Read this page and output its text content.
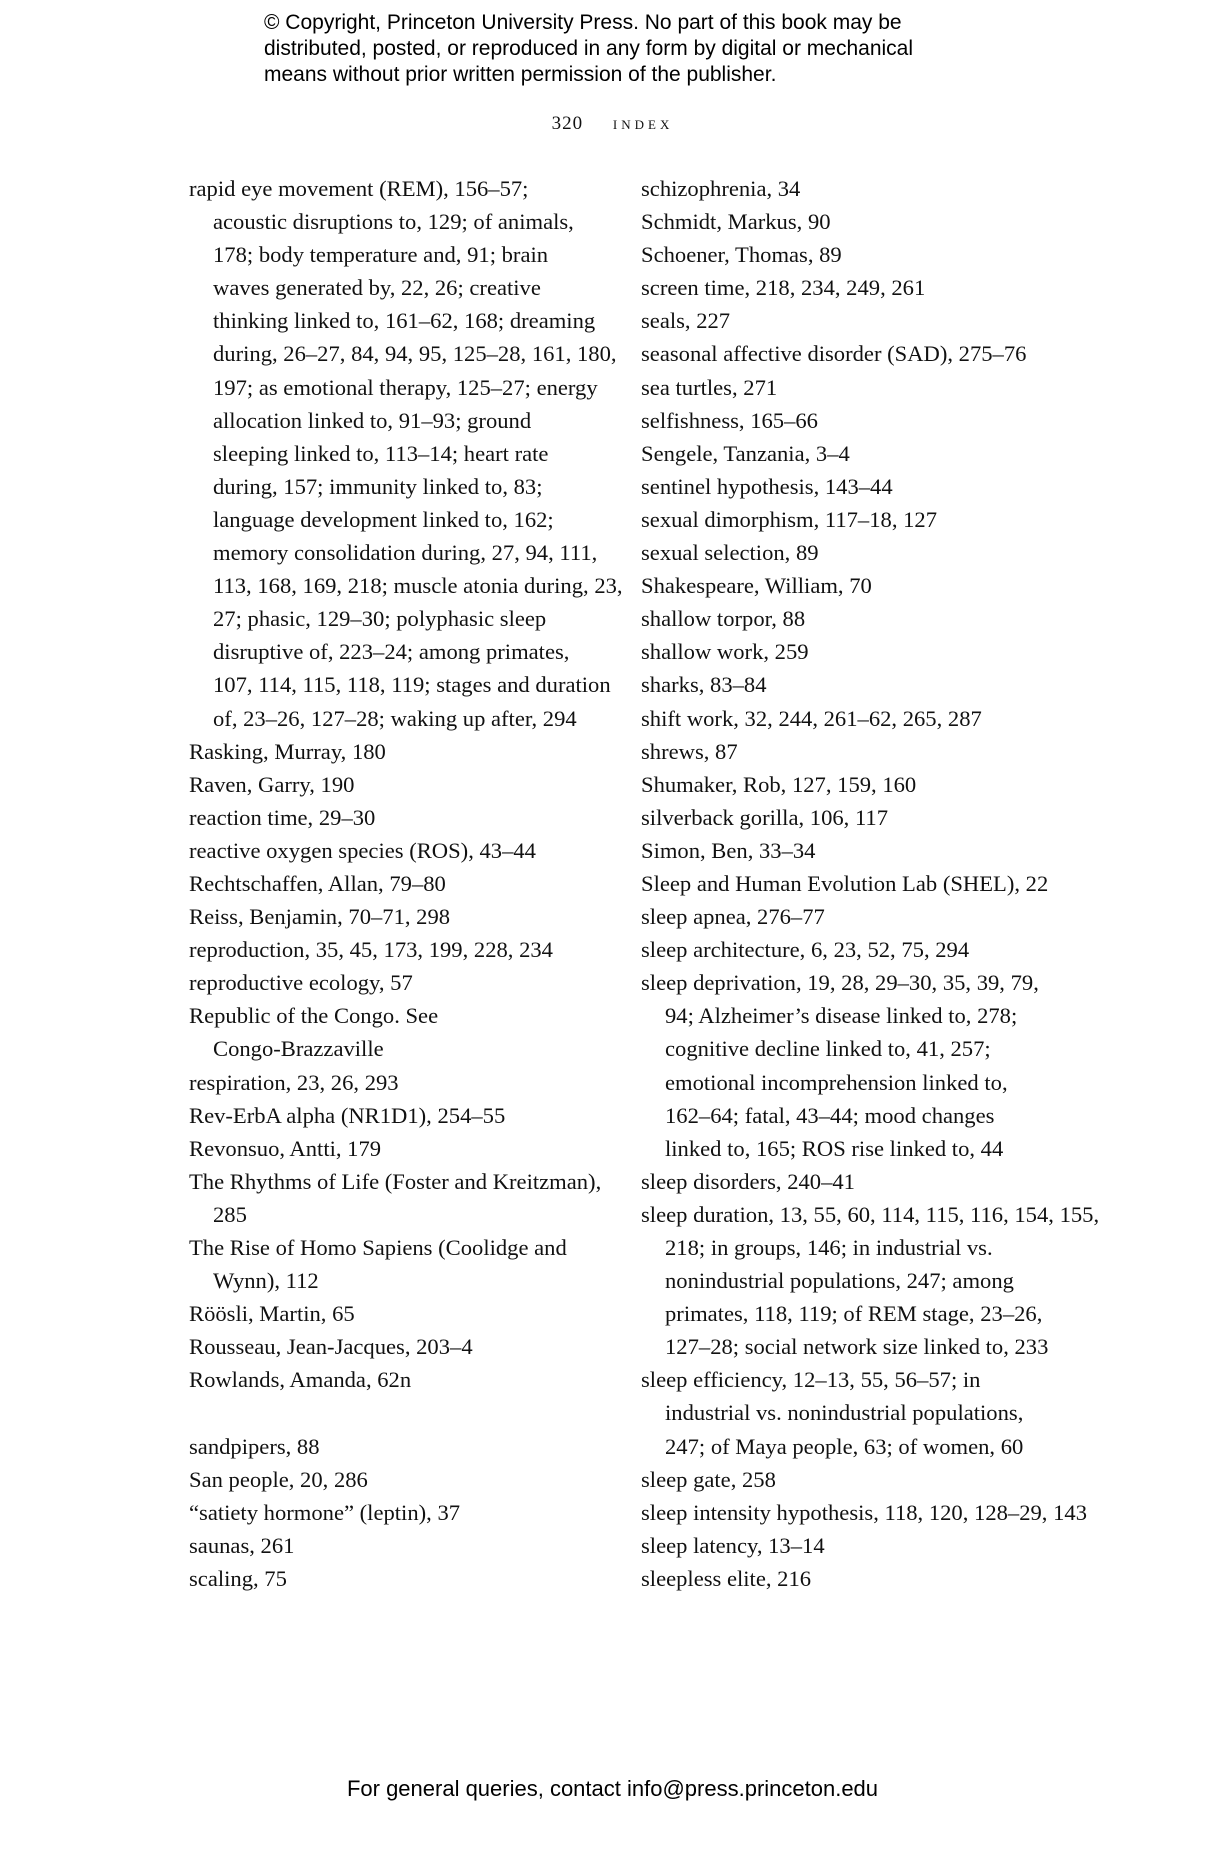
© Copyright, Princeton University Press. No part of this book may be
distributed, posted, or reproduced in any form by digital or mechanical
means without prior written permission of the publisher.
320 index
rapid eye movement (REM), 156–57;
acoustic disruptions to, 129; of animals,
178; body temperature and, 91; brain
waves generated by, 22, 26; creative
thinking linked to, 161–62, 168; dreaming
during, 26–27, 84, 94, 95, 125–28, 161, 180,
197; as emotional therapy, 125–27; energy
allocation linked to, 91–93; ground
sleeping linked to, 113–14; heart rate
during, 157; immunity linked to, 83;
language development linked to, 162;
memory consolidation during, 27, 94, 111,
113, 168, 169, 218; muscle atonia during, 23,
27; phasic, 129–30; polyphasic sleep
disruptive of, 223–24; among primates,
107, 114, 115, 118, 119; stages and duration
of, 23–26, 127–28; waking up after, 294
Rasking, Murray, 180
Raven, Garry, 190
reaction time, 29–30
reactive oxygen species (ROS), 43–44
Rechtschaffen, Allan, 79–80
Reiss, Benjamin, 70–71, 298
reproduction, 35, 45, 173, 199, 228, 234
reproductive ecology, 57
Republic of the Congo. See
Congo-Brazzaville
respiration, 23, 26, 293
Rev-ErbA alpha (NR1D1), 254–55
Revonsuo, Antti, 179
The Rhythms of Life (Foster and Kreitzman),
285
The Rise of Homo Sapiens (Coolidge and
Wynn), 112
Röösli, Martin, 65
Rousseau, Jean-Jacques, 203–4
Rowlands, Amanda, 62n
sandpipers, 88
San people, 20, 286
“satiety hormone” (leptin), 37
saunas, 261
scaling, 75
schizophrenia, 34
Schmidt, Markus, 90
Schoener, Thomas, 89
screen time, 218, 234, 249, 261
seals, 227
seasonal affective disorder (SAD), 275–76
sea turtles, 271
selfishness, 165–66
Sengele, Tanzania, 3–4
sentinel hypothesis, 143–44
sexual dimorphism, 117–18, 127
sexual selection, 89
Shakespeare, William, 70
shallow torpor, 88
shallow work, 259
sharks, 83–84
shift work, 32, 244, 261–62, 265, 287
shrews, 87
Shumaker, Rob, 127, 159, 160
silverback gorilla, 106, 117
Simon, Ben, 33–34
Sleep and Human Evolution Lab (SHEL), 22
sleep apnea, 276–77
sleep architecture, 6, 23, 52, 75, 294
sleep deprivation, 19, 28, 29–30, 35, 39, 79,
94; Alzheimer’s disease linked to, 278;
cognitive decline linked to, 41, 257;
emotional incomprehension linked to,
162–64; fatal, 43–44; mood changes
linked to, 165; ROS rise linked to, 44
sleep disorders, 240–41
sleep duration, 13, 55, 60, 114, 115, 116, 154, 155,
218; in groups, 146; in industrial vs.
nonindustrial populations, 247; among
primates, 118, 119; of REM stage, 23–26,
127–28; social network size linked to, 233
sleep efficiency, 12–13, 55, 56–57; in
industrial vs. nonindustrial populations,
247; of Maya people, 63; of women, 60
sleep gate, 258
sleep intensity hypothesis, 118, 120, 128–29, 143
sleep latency, 13–14
sleepless elite, 216
For general queries, contact info@press.princeton.edu
